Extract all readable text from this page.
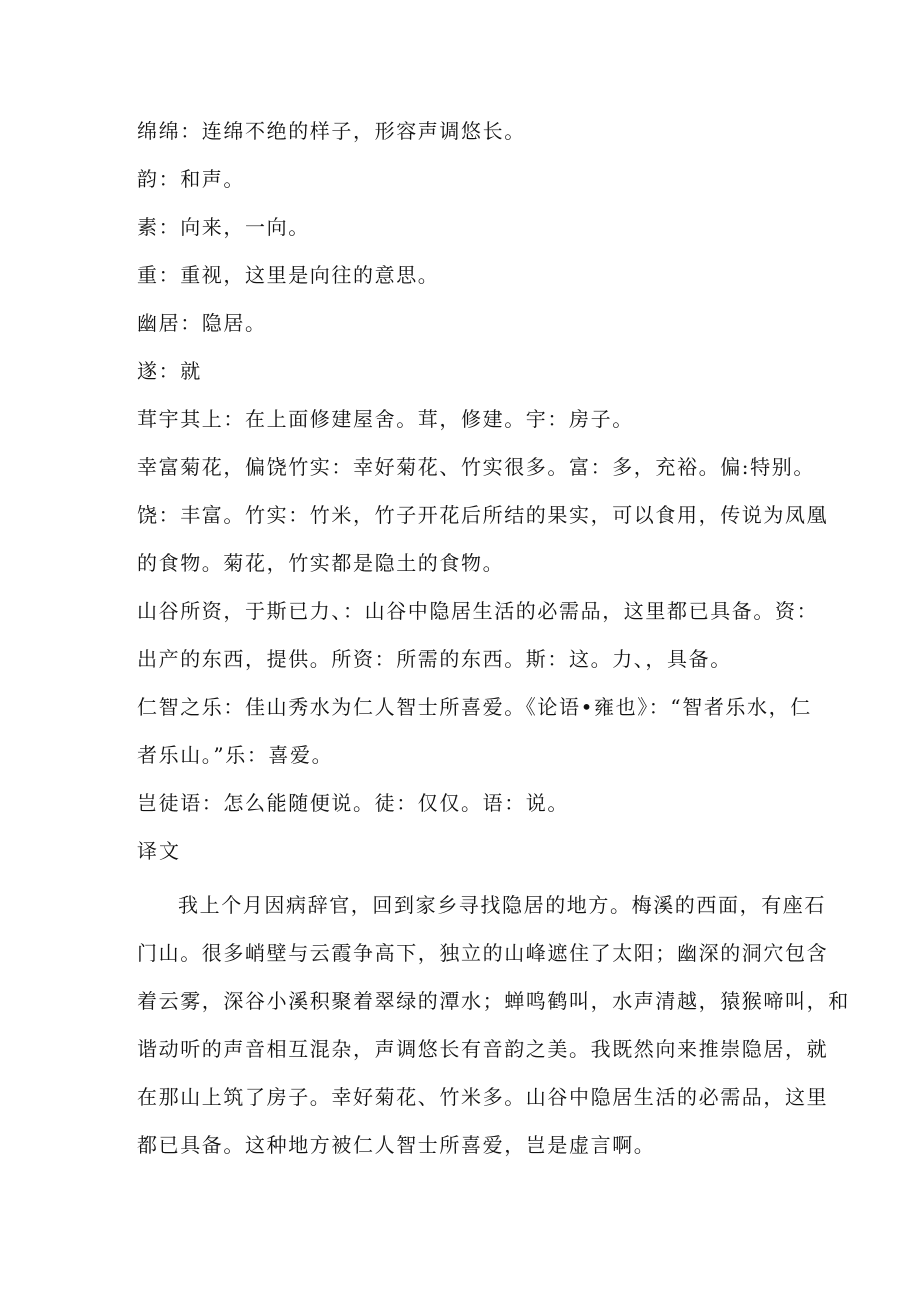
绵绵：连绵不绝的样子，形容声调悠长。

韵：和声。

素：向来，一向。

重：重视，这里是向往的意思。

幽居：隐居。

遂：就

茸宇其上：在上面修建屋舍。茸，修建。宇：房子。

幸富菊花，偏饶竹实：幸好菊花、竹实很多。富：多，充裕。偏:特别。

饶：丰富。竹实：竹米，竹子开花后所结的果实，可以食用，传说为凤凰

的食物。菊花，竹实都是隐土的食物。

山谷所资，于斯已力、：山谷中隐居生活的必需品，这里都已具备。资：

出产的东西，提供。所资：所需的东西。斯：这。力、，具备。

仁智之乐：佳山秀水为仁人智士所喜爱。《论语•雍也》：“智者乐水，仁

者乐山。”乐：喜爱。

岂徒语：怎么能随便说。徒：仅仅。语：说。

译文

我上个月因病辞官，回到家乡寻找隐居的地方。梅溪的西面，有座石

门山。很多峭壁与云霞争高下，独立的山峰遮住了太阳；幽深的洞穴包含

着云雾，深谷小溪积聚着翠绿的潭水；蝉鸣鹤叫，水声清越，猿猴啼叫，和

谐动听的声音相互混杂，声调悠长有音韵之美。我既然向来推崇隐居，就

在那山上筑了房子。幸好菊花、竹米多。山谷中隐居生活的必需品，这里

都已具备。这种地方被仁人智士所喜爱，岂是虚言啊。
